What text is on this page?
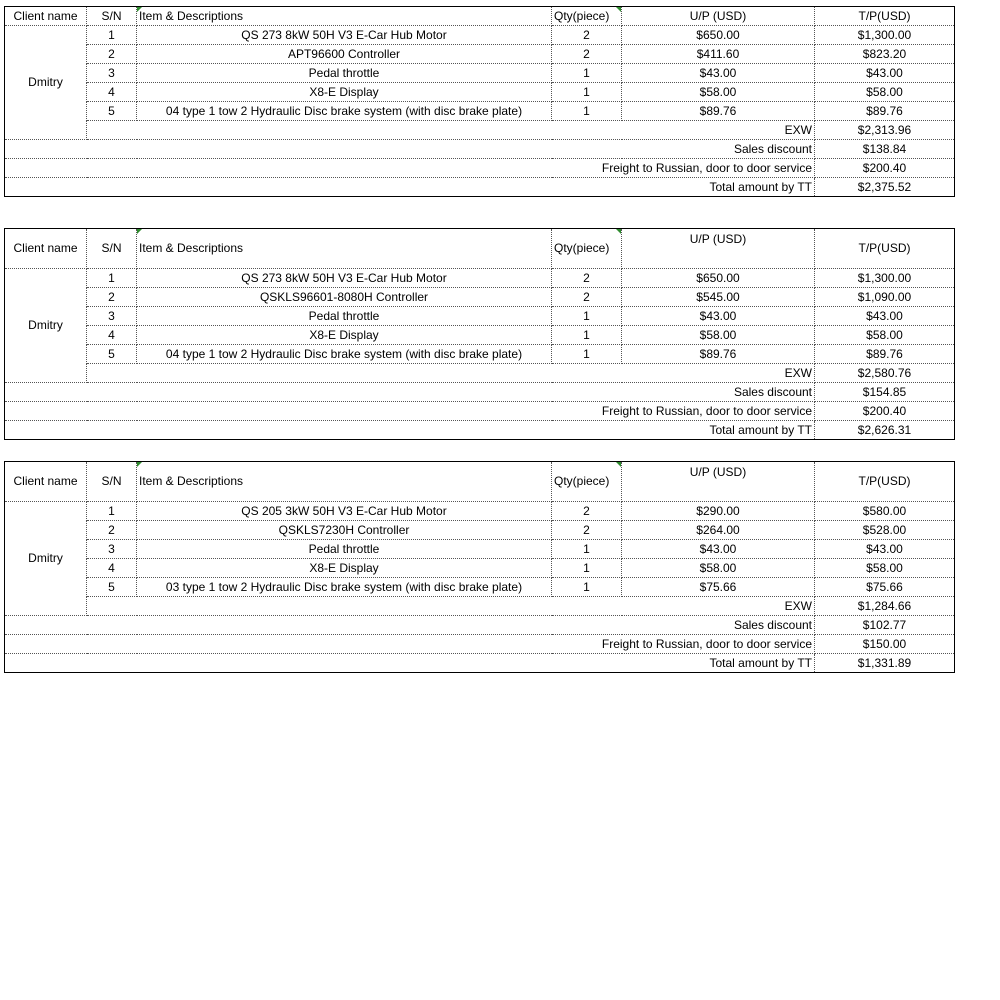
Client name	S/N	Item & Descriptions	Qty(piece)	U/P (USD)	T/P(USD)
Dmitry	1	QS 273 8kW 50H V3 E-Car Hub Motor	2	$650.00	$1,300.00
	2	APT96600 Controller	2	$411.60	$823.20
	3	Pedal throttle	1	$43.00	$43.00
	4	X8-E Display	1	$58.00	$58.00
	5	04 type 1 tow 2 Hydraulic Disc brake system (with disc brake plate)	1	$89.76	$89.76
	EXW				$2,313.96
Sales discount					$138.84
Freight to Russian, door to door service					$200.40
Total amount by TT					$2,375.52
Client name	S/N	Item & Descriptions	Qty(piece)	U/P (USD)	T/P(USD)
Dmitry	1	QS 273 8kW 50H V3 E-Car Hub Motor	2	$650.00	$1,300.00
	2	QSKLS96601-8080H Controller	2	$545.00	$1,090.00
	3	Pedal throttle	1	$43.00	$43.00
	4	X8-E Display	1	$58.00	$58.00
	5	04 type 1 tow 2 Hydraulic Disc brake system (with disc brake plate)	1	$89.76	$89.76
	EXW				$2,580.76
Sales discount					$154.85
Freight to Russian, door to door service					$200.40
Total amount by TT					$2,626.31
Client name	S/N	Item & Descriptions	Qty(piece)	U/P (USD)	T/P(USD)
Dmitry	1	QS 205 3kW 50H V3 E-Car Hub Motor	2	$290.00	$580.00
	2	QSKLS7230H Controller	2	$264.00	$528.00
	3	Pedal throttle	1	$43.00	$43.00
	4	X8-E Display	1	$58.00	$58.00
	5	03 type 1 tow 2 Hydraulic Disc brake system (with disc brake plate)	1	$75.66	$75.66
	EXW				$1,284.66
Sales discount					$102.77
Freight to Russian, door to door service					$150.00
Total amount by TT					$1,331.89
